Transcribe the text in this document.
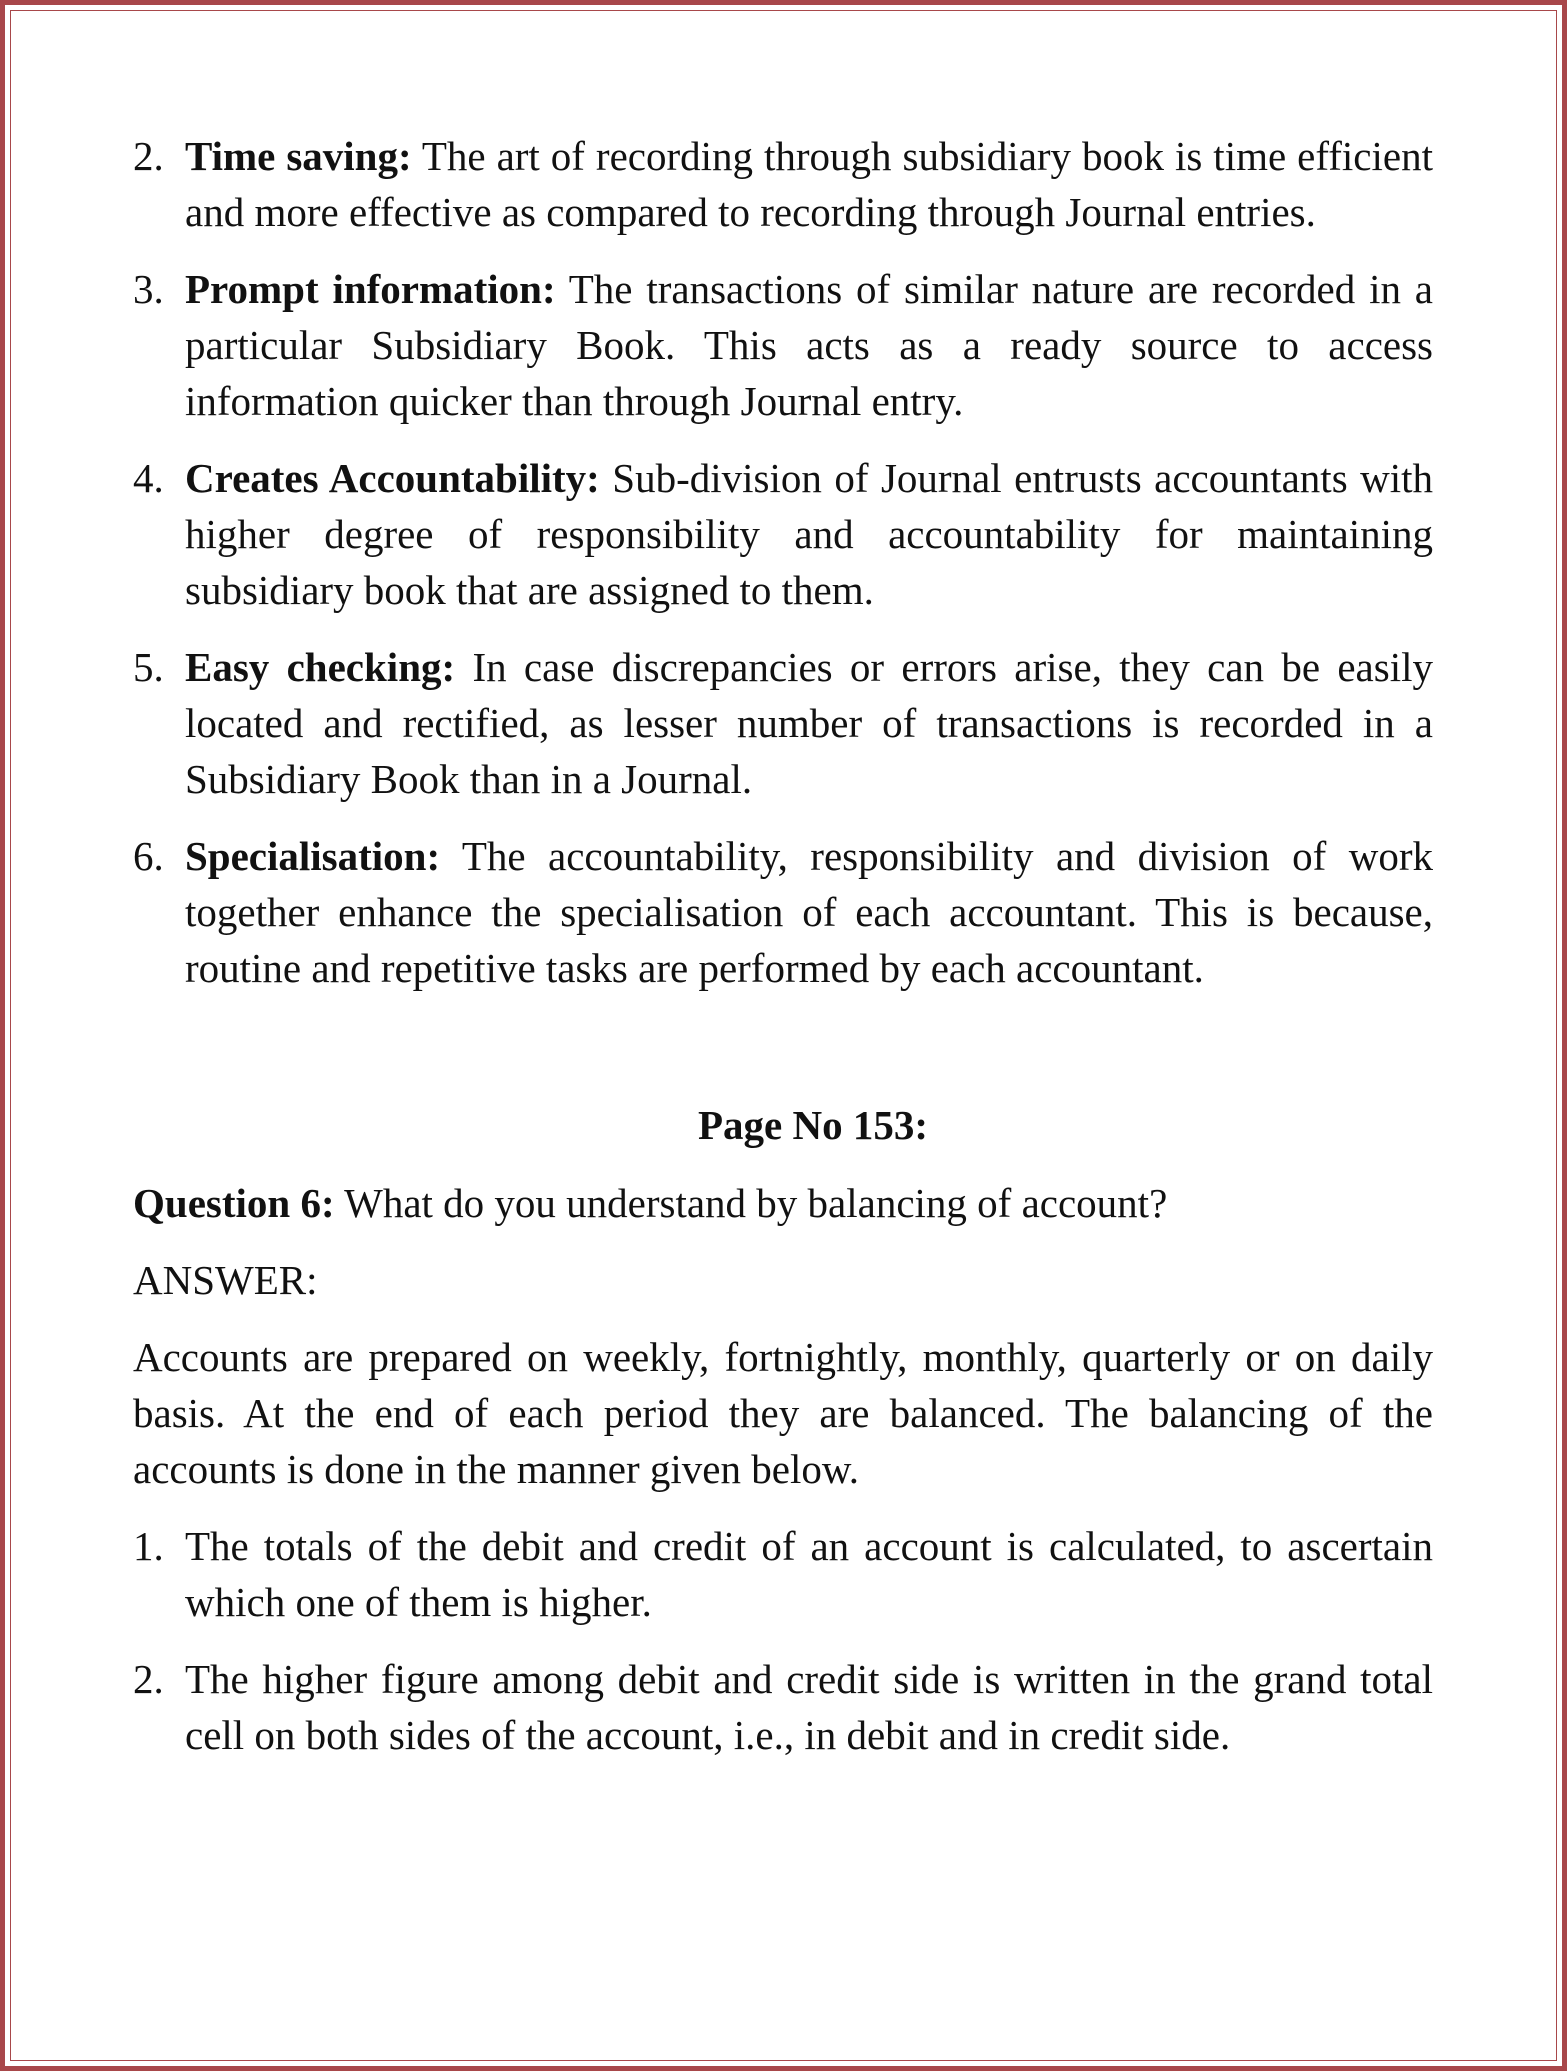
2. Time saving: The art of recording through subsidiary book is time efficient and more effective as compared to recording through Journal entries.
3. Prompt information: The transactions of similar nature are recorded in a particular Subsidiary Book. This acts as a ready source to access information quicker than through Journal entry.
4. Creates Accountability: Sub-division of Journal entrusts accountants with higher degree of responsibility and accountability for maintaining subsidiary book that are assigned to them.
5. Easy checking: In case discrepancies or errors arise, they can be easily located and rectified, as lesser number of transactions is recorded in a Subsidiary Book than in a Journal.
6. Specialisation: The accountability, responsibility and division of work together enhance the specialisation of each accountant. This is because, routine and repetitive tasks are performed by each accountant.
Page No 153:
Question 6: What do you understand by balancing of account?
ANSWER:
Accounts are prepared on weekly, fortnightly, monthly, quarterly or on daily basis. At the end of each period they are balanced. The balancing of the accounts is done in the manner given below.
1. The totals of the debit and credit of an account is calculated, to ascertain which one of them is higher.
2. The higher figure among debit and credit side is written in the grand total cell on both sides of the account, i.e., in debit and in credit side.
